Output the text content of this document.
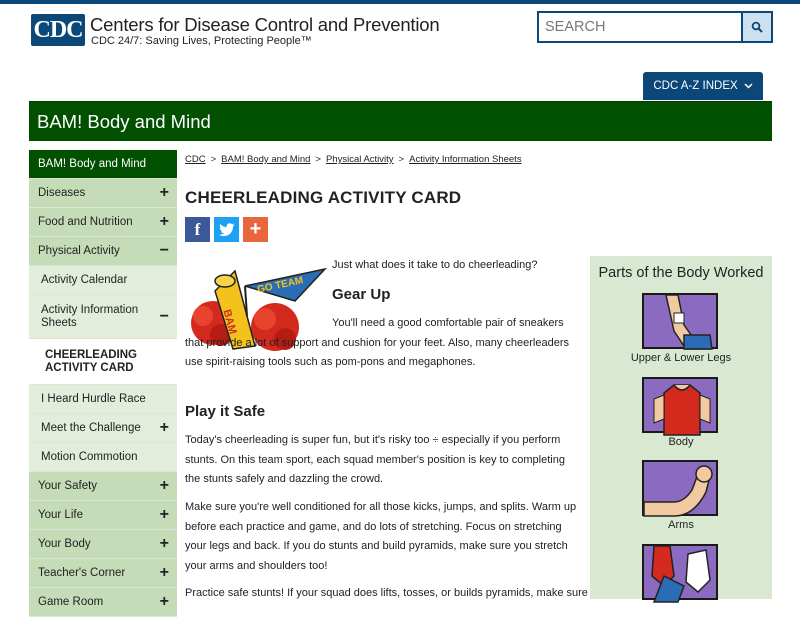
CDC Centers for Disease Control and Prevention
CDC 24/7: Saving Lives, Protecting People™
SEARCH
CDC A-Z INDEX
BAM! Body and Mind
BAM! Body and Mind
Diseases	+
Food and Nutrition +
Physical Activity −
Activity Calendar
Activity Information Sheets	−
CHEERLEADING ACTIVITY CARD
I Heard Hurdle Race
Meet the Challenge +
Motion Commotion
Your Safety	+
Your Life	+
Your Body	+
Teacher's Corner +
Game Room	+
CDC > BAM! Body and Mind > Physical Activity > Activity Information Sheets
CHEERLEADING ACTIVITY CARD
f +
BAM
GO TEAM

Just what does it take to do cheerleading?

Gear Up

You'll need a good comfortable pair of sneakers that provide a lot of support and cushion for your feet. Also, many cheerleaders use spirit-raising tools such as pom-pons and megaphones.

Play it Safe

Today's cheerleading is super fun, but it's risky too ÷ especially if you perform stunts. On this team sport, each squad member's position is key to completing the stunts safely and dazzling the crowd.

Make sure you're well conditioned for all those kicks, jumps, and splits. Warm up before each practice and game, and do lots of stretching. Focus on stretching your legs and back. If you do stunts and build pyramids, make sure you stretch your arms and shoulders too!

Practice safe stunts! If your squad does lifts, tosses, or builds pyramids, make sure

Parts of the Body Worked
Upper & Lower Legs
Body
Arms
